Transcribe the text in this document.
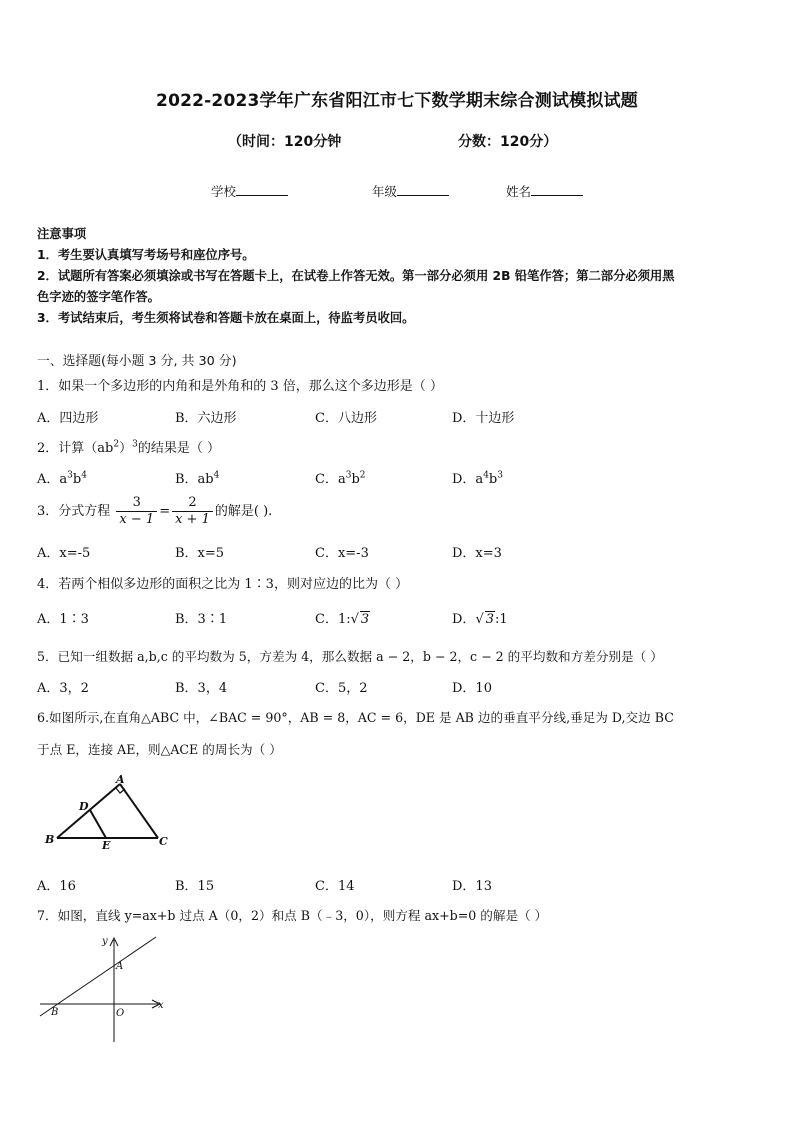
2022-2023学年广东省阳江市七下数学期末综合测试模拟试题
（时间：120分钟	分数：120分）
学校	年级	姓名
注意事项
1．考生要认真填写考场号和座位序号。
2．试题所有答案必须填涂或书写在答题卡上，在试卷上作答无效。第一部分必须用 2B 铅笔作答；第二部分必须用黑
色字迹的签字笔作答。
3．考试结束后，考生须将试卷和答题卡放在桌面上，待监考员收回。
一、选择题(每小题 3 分, 共 30 分)
1．如果一个多边形的内角和是外角和的 3 倍，那么这个多边形是（ ）
A．四边形	B．六边形	C．八边形	D．十边形
2．计算$(ab^2)^3$的结果是（ ）
A．$a^3b^4$	B．$ab^4$	C．$a^3b^2$	D．$a^4b^3$
3．分式方程 $\frac{3}{x - 1} = \frac{2}{x + 1}$ 的解是( ).
A．x=-5	B．x=5	C．x=-3	D．x=3
4．若两个相似多边形的面积之比为 1∶3，则对应边的比为（ ）
A．1∶3	B．3∶1	C．1:√ 3	D．√ 3:1
5．已知一组数据 a,b,c 的平均数为 5，方差为 4，那么数据 a − 2，b − 2，c − 2 的平均数和方差分别是（ ）
A．3，2	B．3，4	C．5，2	D．10
6.如图所示,在直角△ABC 中，∠BAC = 90°，AB = 8，AC = 6，DE 是 AB 边的垂直平分线,垂足为 D,交边 BC
于点 E，连接 AE，则△ACE 的周长为（ ）
A
D
B	E	C
A．16	B．15	C．14	D．13
7．如图，直线 y=ax+b 过点 A（0，2）和点 B（﹣3，0），则方程 ax+b=0 的解是（ ）
y
A
x
B	O
